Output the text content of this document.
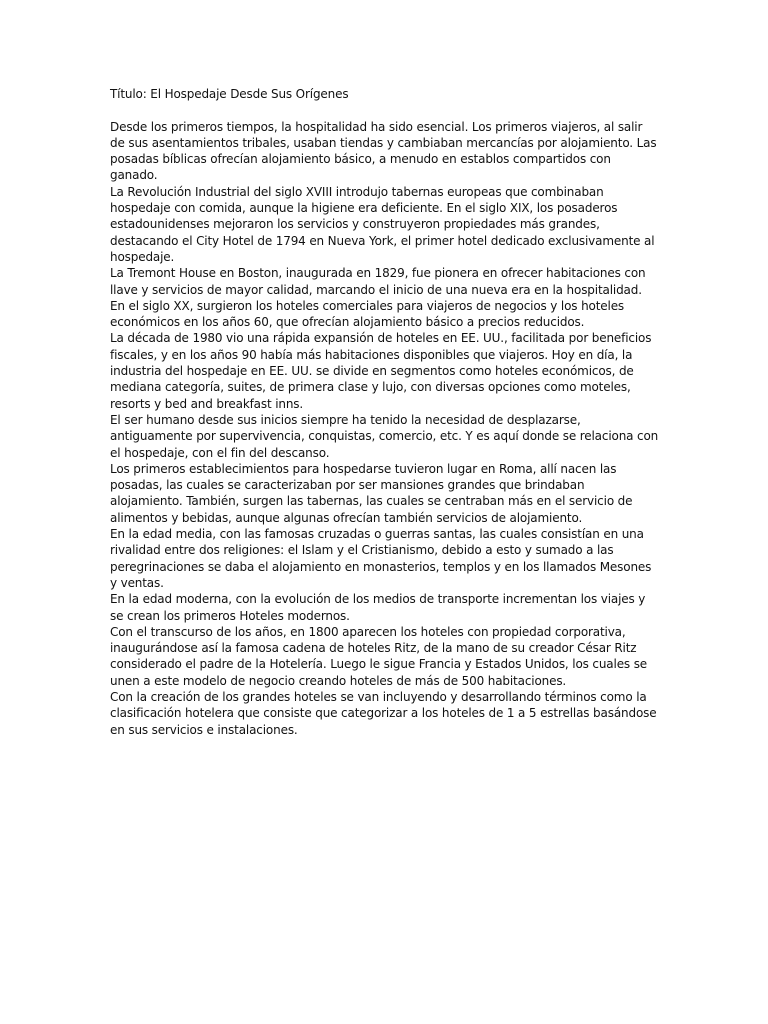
Título: El Hospedaje Desde Sus Orígenes

Desde los primeros tiempos, la hospitalidad ha sido esencial. Los primeros viajeros, al salir de sus asentamientos tribales, usaban tiendas y cambiaban mercancías por alojamiento. Las posadas bíblicas ofrecían alojamiento básico, a menudo en establos compartidos con ganado.

La Revolución Industrial del siglo XVIII introdujo tabernas europeas que combinaban hospedaje con comida, aunque la higiene era deficiente. En el siglo XIX, los posaderos estadounidenses mejoraron los servicios y construyeron propiedades más grandes, destacando el City Hotel de 1794 en Nueva York, el primer hotel dedicado exclusivamente al hospedaje.

La Tremont House en Boston, inaugurada en 1829, fue pionera en ofrecer habitaciones con llave y servicios de mayor calidad, marcando el inicio de una nueva era en la hospitalidad. En el siglo XX, surgieron los hoteles comerciales para viajeros de negocios y los hoteles económicos en los años 60, que ofrecían alojamiento básico a precios reducidos.

La década de 1980 vio una rápida expansión de hoteles en EE. UU., facilitada por beneficios fiscales, y en los años 90 había más habitaciones disponibles que viajeros. Hoy en día, la industria del hospedaje en EE. UU. se divide en segmentos como hoteles económicos, de mediana categoría, suites, de primera clase y lujo, con diversas opciones como moteles, resorts y bed and breakfast inns.

El ser humano desde sus inicios siempre ha tenido la necesidad de desplazarse, antiguamente por supervivencia, conquistas, comercio, etc. Y es aquí donde se relaciona con el hospedaje, con el fin del descanso.

Los primeros establecimientos para hospedarse tuvieron lugar en Roma, allí nacen las posadas, las cuales se caracterizaban por ser mansiones grandes que brindaban alojamiento. También, surgen las tabernas, las cuales se centraban más en el servicio de alimentos y bebidas, aunque algunas ofrecían también servicios de alojamiento.

En la edad media, con las famosas cruzadas o guerras santas, las cuales consistían en una rivalidad entre dos religiones: el Islam y el Cristianismo, debido a esto y sumado a las peregrinaciones se daba el alojamiento en monasterios, templos y en los llamados Mesones y ventas.

En la edad moderna, con la evolución de los medios de transporte incrementan los viajes y se crean los primeros Hoteles modernos.

Con el transcurso de los años, en 1800 aparecen los hoteles con propiedad corporativa, inaugurándose así la famosa cadena de hoteles Ritz, de la mano de su creador César Ritz considerado el padre de la Hotelería. Luego le sigue Francia y Estados Unidos, los cuales se unen a este modelo de negocio creando hoteles de más de 500 habitaciones.

Con la creación de los grandes hoteles se van incluyendo y desarrollando términos como la clasificación hotelera que consiste que categorizar a los hoteles de 1 a 5 estrellas basándose en sus servicios e instalaciones.
